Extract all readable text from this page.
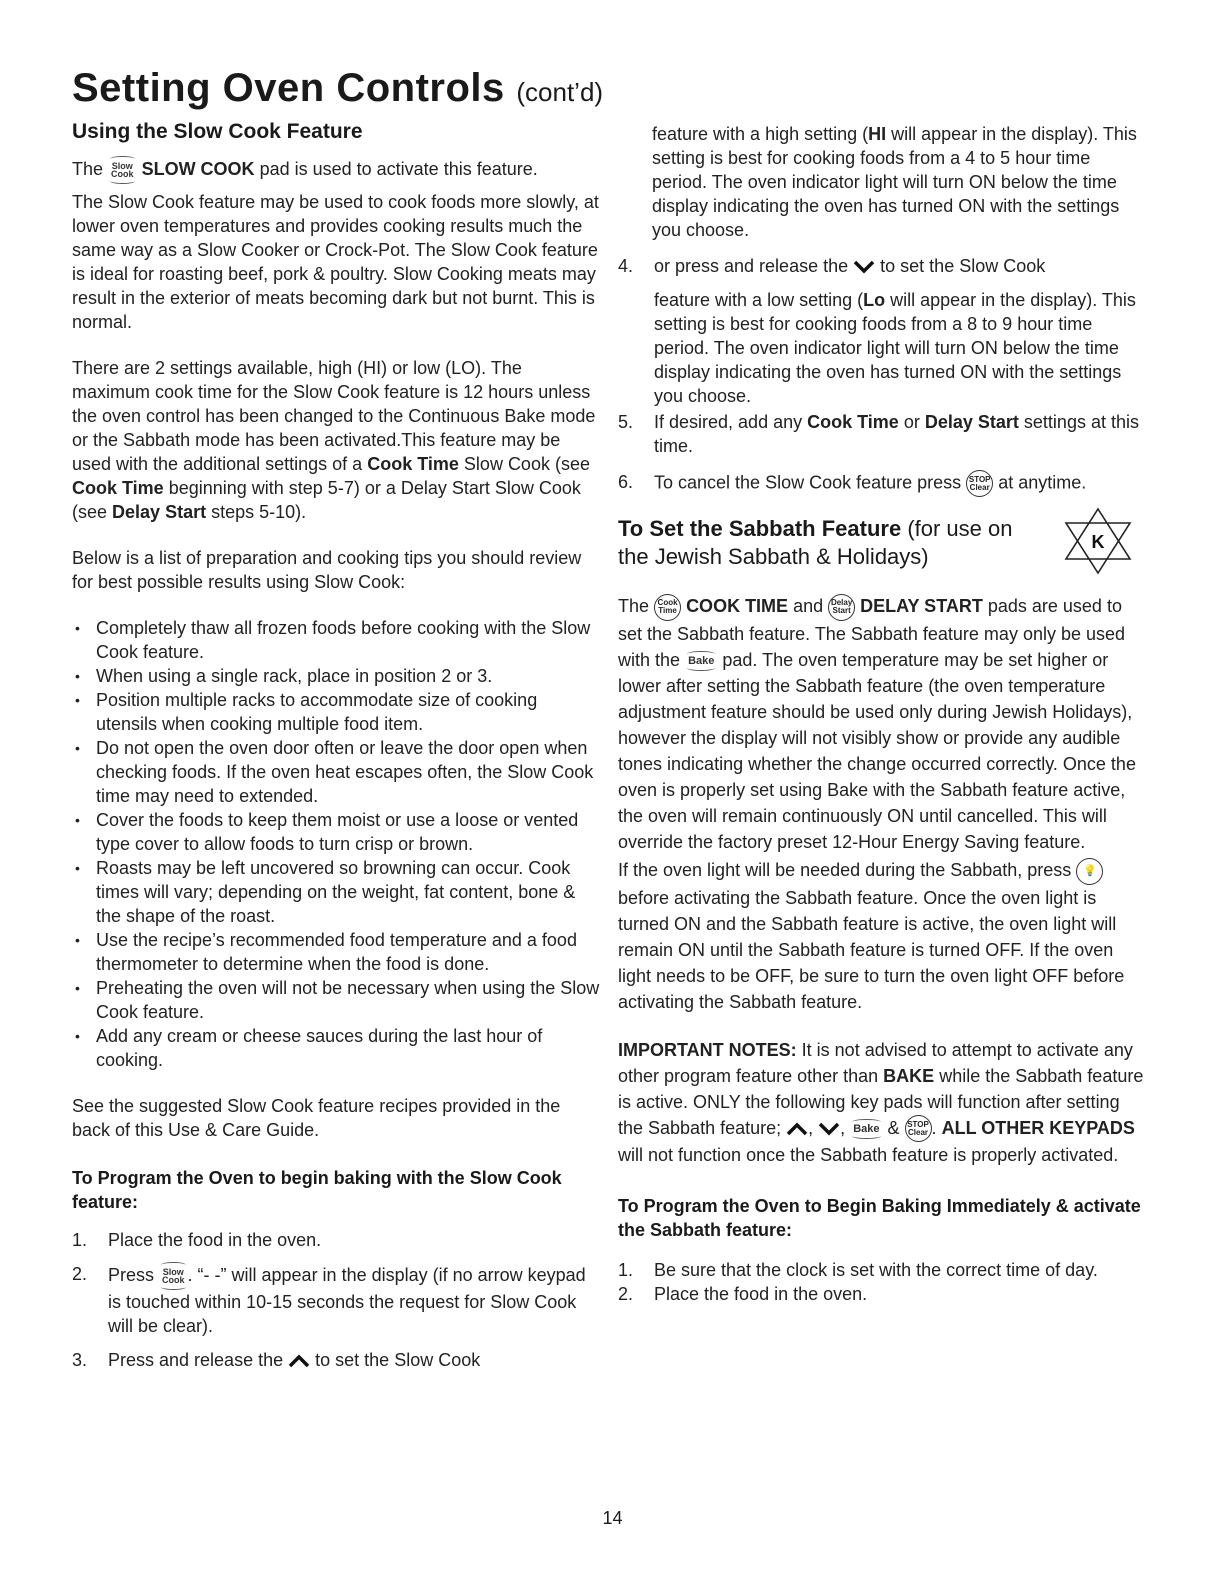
Setting Oven Controls (cont’d)
Using the Slow Cook Feature

The Slow
Cook SLOW COOK pad is used to activate this feature.

The Slow Cook feature may be used to cook foods more slowly, at lower oven temperatures and provides cooking results much the same way as a Slow Cooker or Crock-Pot. The Slow Cook feature is ideal for roasting beef, pork & poultry. Slow Cooking meats may result in the exterior of meats becoming dark but not burnt. This is normal.

There are 2 settings available, high (HI) or low (LO). The maximum cook time for the Slow Cook feature is 12 hours unless the oven control has been changed to the Continuous Bake mode or the Sabbath mode has been activated.This feature may be used with the additional settings of a Cook Time Slow Cook (see Cook Time beginning with step 5-7) or a Delay Start Slow Cook (see Delay Start steps 5-10).

Below is a list of preparation and cooking tips you should review for best possible results using Slow Cook:

• Completely thaw all frozen foods before cooking with the Slow Cook feature.
• When using a single rack, place in position 2 or 3.
• Position multiple racks to accommodate size of cooking utensils when cooking multiple food item.
• Do not open the oven door often or leave the door open when checking foods. If the oven heat escapes often, the Slow Cook time may need to extended.
• Cover the foods to keep them moist or use a loose or vented type cover to allow foods to turn crisp or brown.
• Roasts may be left uncovered so browning can occur. Cook times will vary; depending on the weight, fat content, bone & the shape of the roast.
• Use the recipe’s recommended food temperature and a food thermometer to determine when the food is done.
• Preheating the oven will not be necessary when using the Slow Cook feature.
• Add any cream or cheese sauces during the last hour of cooking.

See the suggested Slow Cook feature recipes provided in the back of this Use & Care Guide.

To Program the Oven to begin baking with the Slow Cook feature:
1. Place the food in the oven.
2. Press Slow
Cook . “- -” will appear in the display (if no arrow keypad is touched within 10-15 seconds the request for Slow Cook will be clear).
3. Press and release the to set the Slow Cook

feature with a high setting (HI will appear in the display). This setting is best for cooking foods from a 4 to 5 hour time period. The oven indicator light will turn ON below the time display indicating the oven has turned ON with the settings you choose.

4. or press and release the to set the Slow Cook
feature with a low setting (Lo will appear in the display). This setting is best for cooking foods from a 8 to 9 hour time period. The oven indicator light will turn ON below the time display indicating the oven has turned ON with the settings you choose.
5. If desired, add any Cook Time or Delay Start settings at this time.
6. To cancel the Slow Cook feature press STOP
Clear at anytime.
To Set the Sabbath Feature (for use on the Jewish Sabbath & Holidays)
K

The Cook
Time COOK TIME and Delay
Start DELAY START pads are used to set the Sabbath feature. The Sabbath feature may only be used with the Bake pad. The oven temperature may be set higher or lower after setting the Sabbath feature (the oven temperature adjustment feature should be used only during Jewish Holidays), however the display will not visibly show or provide any audible tones indicating whether the change occurred correctly. Once the oven is properly set using Bake with the Sabbath feature active, the oven will remain continuously ON until cancelled. This will override the factory preset 12-Hour Energy Saving feature.

If the oven light will be needed during the Sabbath, press 💡 before activating the Sabbath feature. Once the oven light is turned ON and the Sabbath feature is active, the oven light will remain ON until the Sabbath feature is turned OFF. If the oven light needs to be OFF, be sure to turn the oven light OFF before activating the Sabbath feature.

IMPORTANT NOTES: It is not advised to attempt to activate any other program feature other than BAKE while the Sabbath feature is active. ONLY the following key pads will function after setting the Sabbath feature; , , Bake & STOP
Clear . ALL OTHER KEYPADS will not function once the Sabbath feature is properly activated.

To Program the Oven to Begin Baking Immediately & activate the Sabbath feature:
1. Be sure that the clock is set with the correct time of day.
2. Place the food in the oven.
14
